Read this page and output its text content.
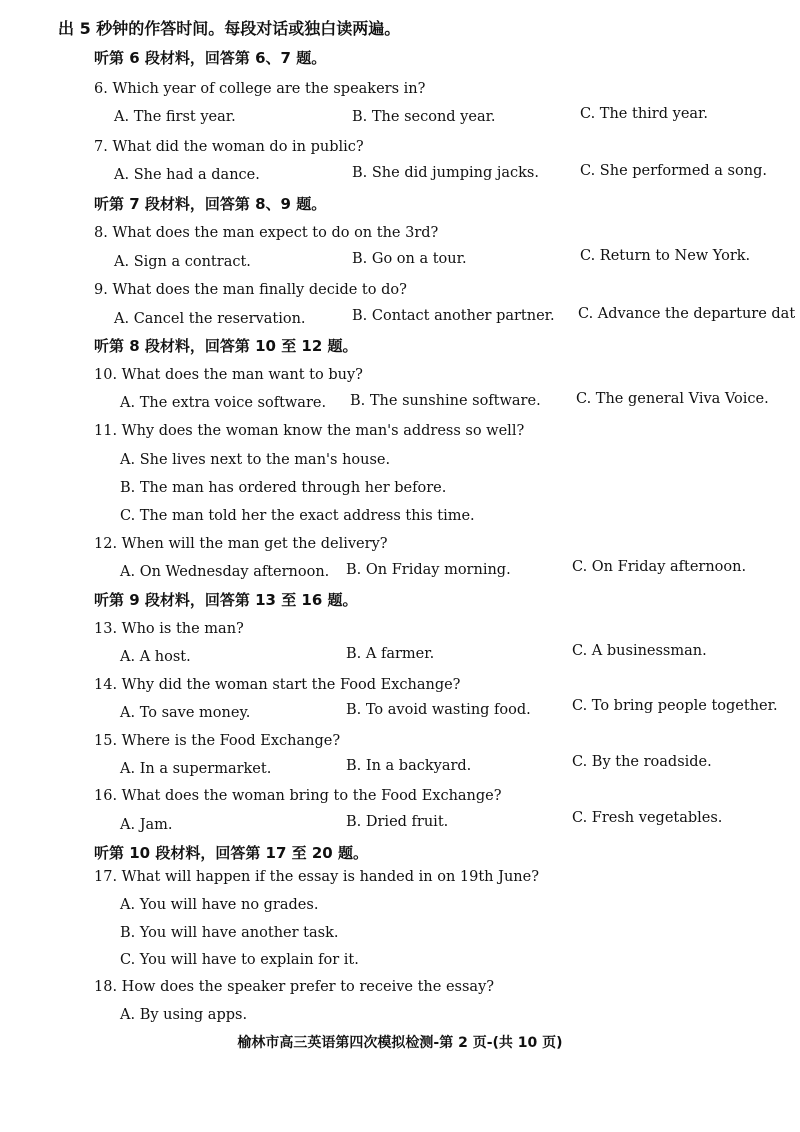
出 5 秒钟的作答时间。每段对话或独白读两遍。
听第 6 段材料，回答第 6、7 题。
6. Which year of college are the speakers in?
A. The first year.	B. The second year.	C. The third year.
7. What did the woman do in public?
A. She had a dance.	B. She did jumping jacks.	C. She performed a song.
听第 7 段材料，回答第 8、9 题。
8. What does the man expect to do on the 3rd?
A. Sign a contract.	B. Go on a tour.	C. Return to New York.
9. What does the man finally decide to do?
A. Cancel the reservation.	B. Contact another partner. C. Advance the departure dat
听第 8 段材料，回答第 10 至 12 题。
10. What does the man want to buy?
A. The extra voice software. B. The sunshine software. C. The general Viva Voice.
11. Why does the woman know the man's address so well?
A. She lives next to the man's house.
B. The man has ordered through her before.
C. The man told her the exact address this time.
12. When will the man get the delivery?
A. On Wednesday afternoon. B. On Friday morning.	C. On Friday afternoon.
听第 9 段材料，回答第 13 至 16 题。
13. Who is the man?
A. A host.	B. A farmer.	C. A businessman.
14. Why did the woman start the Food Exchange?
A. To save money.	B. To avoid wasting food.	C. To bring people together.
15. Where is the Food Exchange?
A. In a supermarket.	B. In a backyard.	C. By the roadside.
16. What does the woman bring to the Food Exchange?
A. Jam.	B. Dried fruit.	C. Fresh vegetables.
听第 10 段材料，回答第 17 至 20 题。
17. What will happen if the essay is handed in on 19th June?
A. You will have no grades.
B. You will have another task.
C. You will have to explain for it.
18. How does the speaker prefer to receive the essay?
A. By using apps.
榆林市高三英语第四次模拟检测-第 2 页-(共 10 页)
